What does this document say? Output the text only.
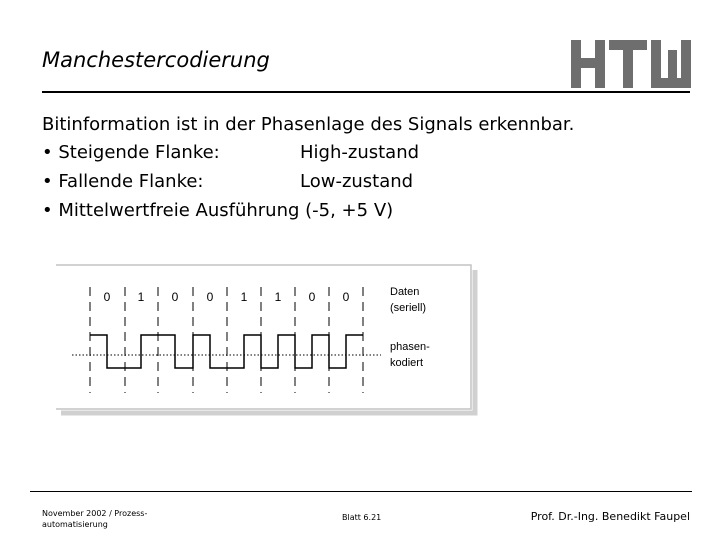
Manchestercodierung
Bitinformation ist in der Phasenlage des Signals erkennbar.
• Steigende Flanke:	High-zustand
• Fallende Flanke:	Low-zustand
• Mittelwertfreie Ausführung (-5, +5 V)
0 1 0 0 1 1 0 0	Daten
(seriell)
phasen-
kodiert
November 2002 / Prozess-
automatisierung
Blatt 6.21	Prof. Dr.-Ing. Benedikt Faupel
